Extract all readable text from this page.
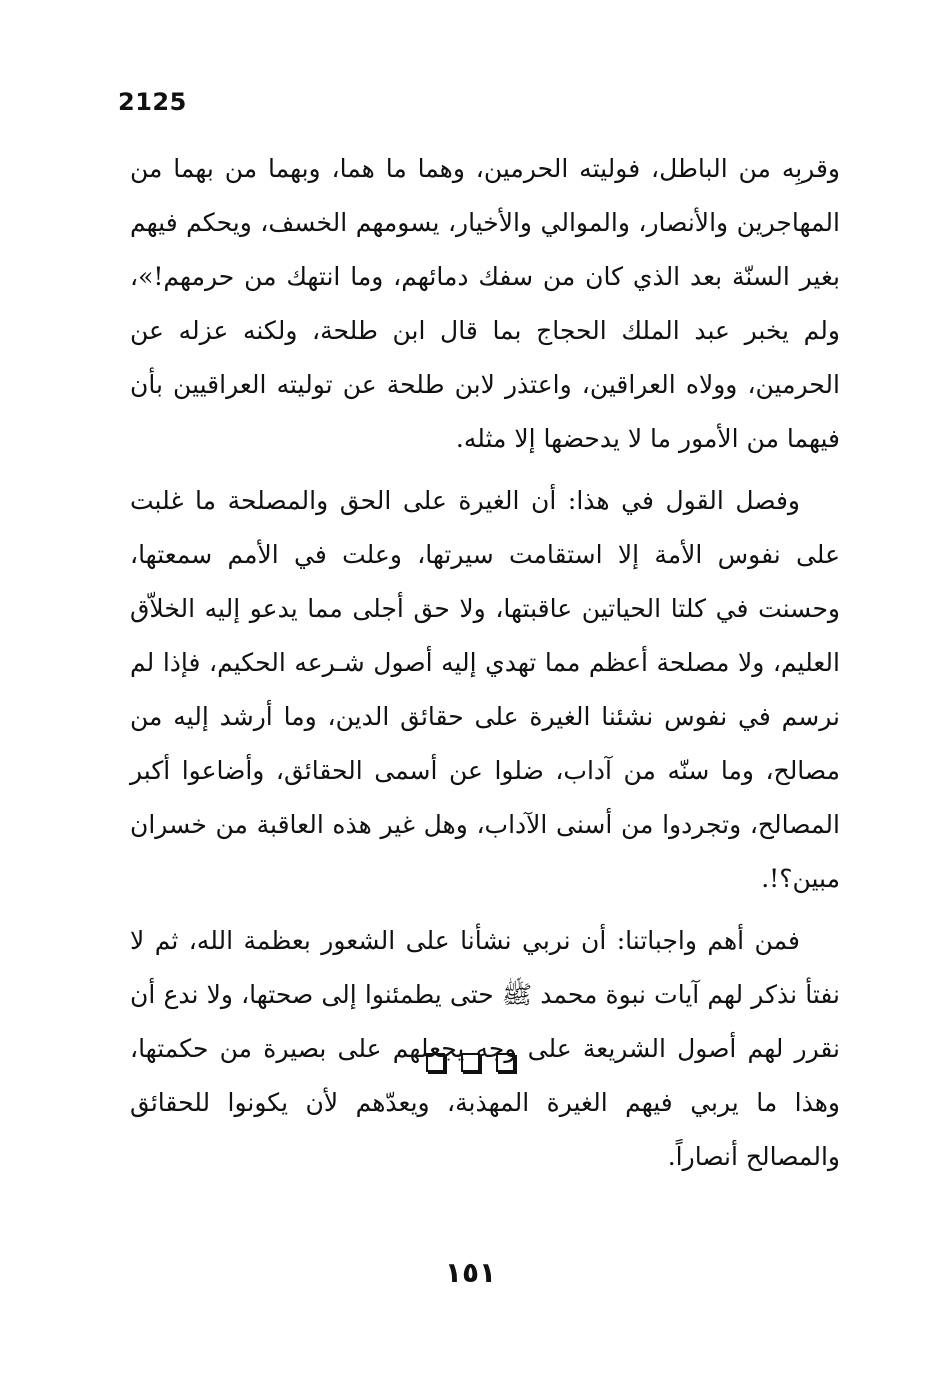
2125

وقربِه من الباطل، فوليته الحرمين، وهما ما هما، وبهما من بهما من المهاجرين والأنصار، والموالي والأخيار، يسومهم الخسف، ويحكم فيهم بغير السنّة بعد الذي كان من سفك دمائهم، وما انتهك من حرمهم!»، ولم يخبر عبد الملك الحجاج بما قال ابن طلحة، ولكنه عزله عن الحرمين، وولاه العراقين، واعتذر لابن طلحة عن توليته العراقيين بأن فيهما من الأمور ما لا يدحضها إلا مثله.

وفصل القول في هذا: أن الغيرة على الحق والمصلحة ما غلبت على نفوس الأمة إلا استقامت سيرتها، وعلت في الأمم سمعتها، وحسنت في كلتا الحياتين عاقبتها، ولا حق أجلى مما يدعو إليه الخلاّق العليم، ولا مصلحة أعظم مما تهدي إليه أصول شـرعه الحكيم، فإذا لم نرسم في نفوس نشئنا الغيرة على حقائق الدين، وما أرشد إليه من مصالح، وما سنّه من آداب، ضلوا عن أسمى الحقائق، وأضاعوا أكبر المصالح، وتجردوا من أسنى الآداب، وهل غير هذه العاقبة من خسران مبين؟!.

فمن أهم واجباتنا: أن نربي نشأنا على الشعور بعظمة الله، ثم لا نفتأ نذكر لهم آيات نبوة محمد ﷺ حتى يطمئنوا إلى صحتها، ولا ندع أن نقرر لهم أصول الشريعة على وجه يجعلهم على بصيرة من حكمتها، وهذا ما يربي فيهم الغيرة المهذبة، ويعدّهم لأن يكونوا للحقائق والمصالح أنصاراً.

١٥١
